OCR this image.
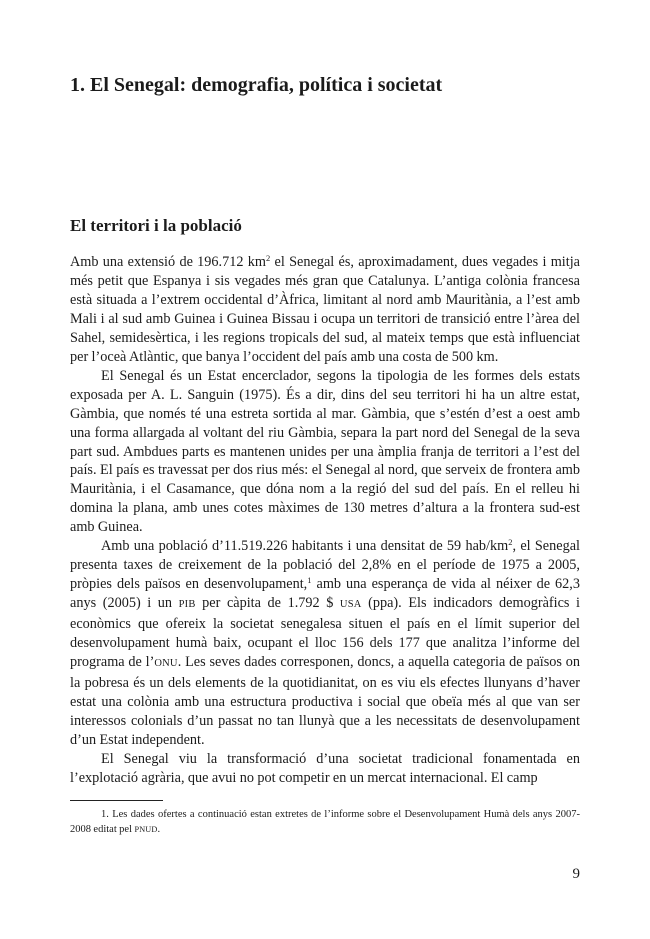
1. El Senegal: demografia, política i societat
El territori i la població

Amb una extensió de 196.712 $km^2$ el Senegal és, aproximadament, dues vegades i mitja més petit que Espanya i sis vegades més gran que Catalunya. L’antiga colònia francesa està situada a l’extrem occidental d’Àfrica, limitant al nord amb Mauritània, a l’est amb Mali i al sud amb Guinea i Guinea Bissau i ocupa un territori de transició entre l’àrea del Sahel, semidesèrtica, i les regions tropicals del sud, al mateix temps que està influenciat per l’oceà Atlàntic, que banya l’occident del país amb una costa de 500 km.

El Senegal és un Estat encerclador, segons la tipologia de les formes dels estats exposada per A. L. Sanguin (1975). És a dir, dins del seu territori hi ha un altre estat, Gàmbia, que només té una estreta sortida al mar. Gàmbia, que s’estén d’est a oest amb una forma allargada al voltant del riu Gàmbia, separa la part nord del Senegal de la seva part sud. Ambdues parts es mantenen unides per una àmplia franja de territori a l’est del país. El país es travessat per dos rius més: el Senegal al nord, que serveix de frontera amb Mauritània, i el Casamance, que dóna nom a la regió del sud del país. En el relleu hi domina la plana, amb unes cotes màximes de 130 metres d’altura a la frontera sud-est amb Guinea.

Amb una població d’11.519.226 habitants i una densitat de 59 hab/$km^2$, el Senegal presenta taxes de creixement de la població del 2,8% en el període de 1975 a 2005, pròpies dels països en desenvolupament,$^1$ amb una esperança de vida al néixer de 62,3 anys (2005) i un PIB per càpita de 1.792 $ USA (ppa). Els indicadors demogràfics i econòmics que ofereix la societat senegalesa situen el país en el límit superior del desenvolupament humà baix, ocupant el lloc 156 dels 177 que analitza l’informe del programa de l’ONU. Les seves dades corresponen, doncs, a aquella categoria de països on la pobresa és un dels elements de la quotidianitat, on es viu els efectes llunyans d’haver estat una colònia amb una estructura productiva i social que obeïa més al que van ser interessos colonials d’un passat no tan llunyà que a les necessitats de desenvolupament d’un Estat independent.

El Senegal viu la transformació d’una societat tradicional fonamentada en l’explotació agrària, que avui no pot competir en un mercat internacional. El camp

1. Les dades ofertes a continuació estan extretes de l’informe sobre el Desenvolupament Humà dels anys 2007-2008 editat pel PNUD.
9
